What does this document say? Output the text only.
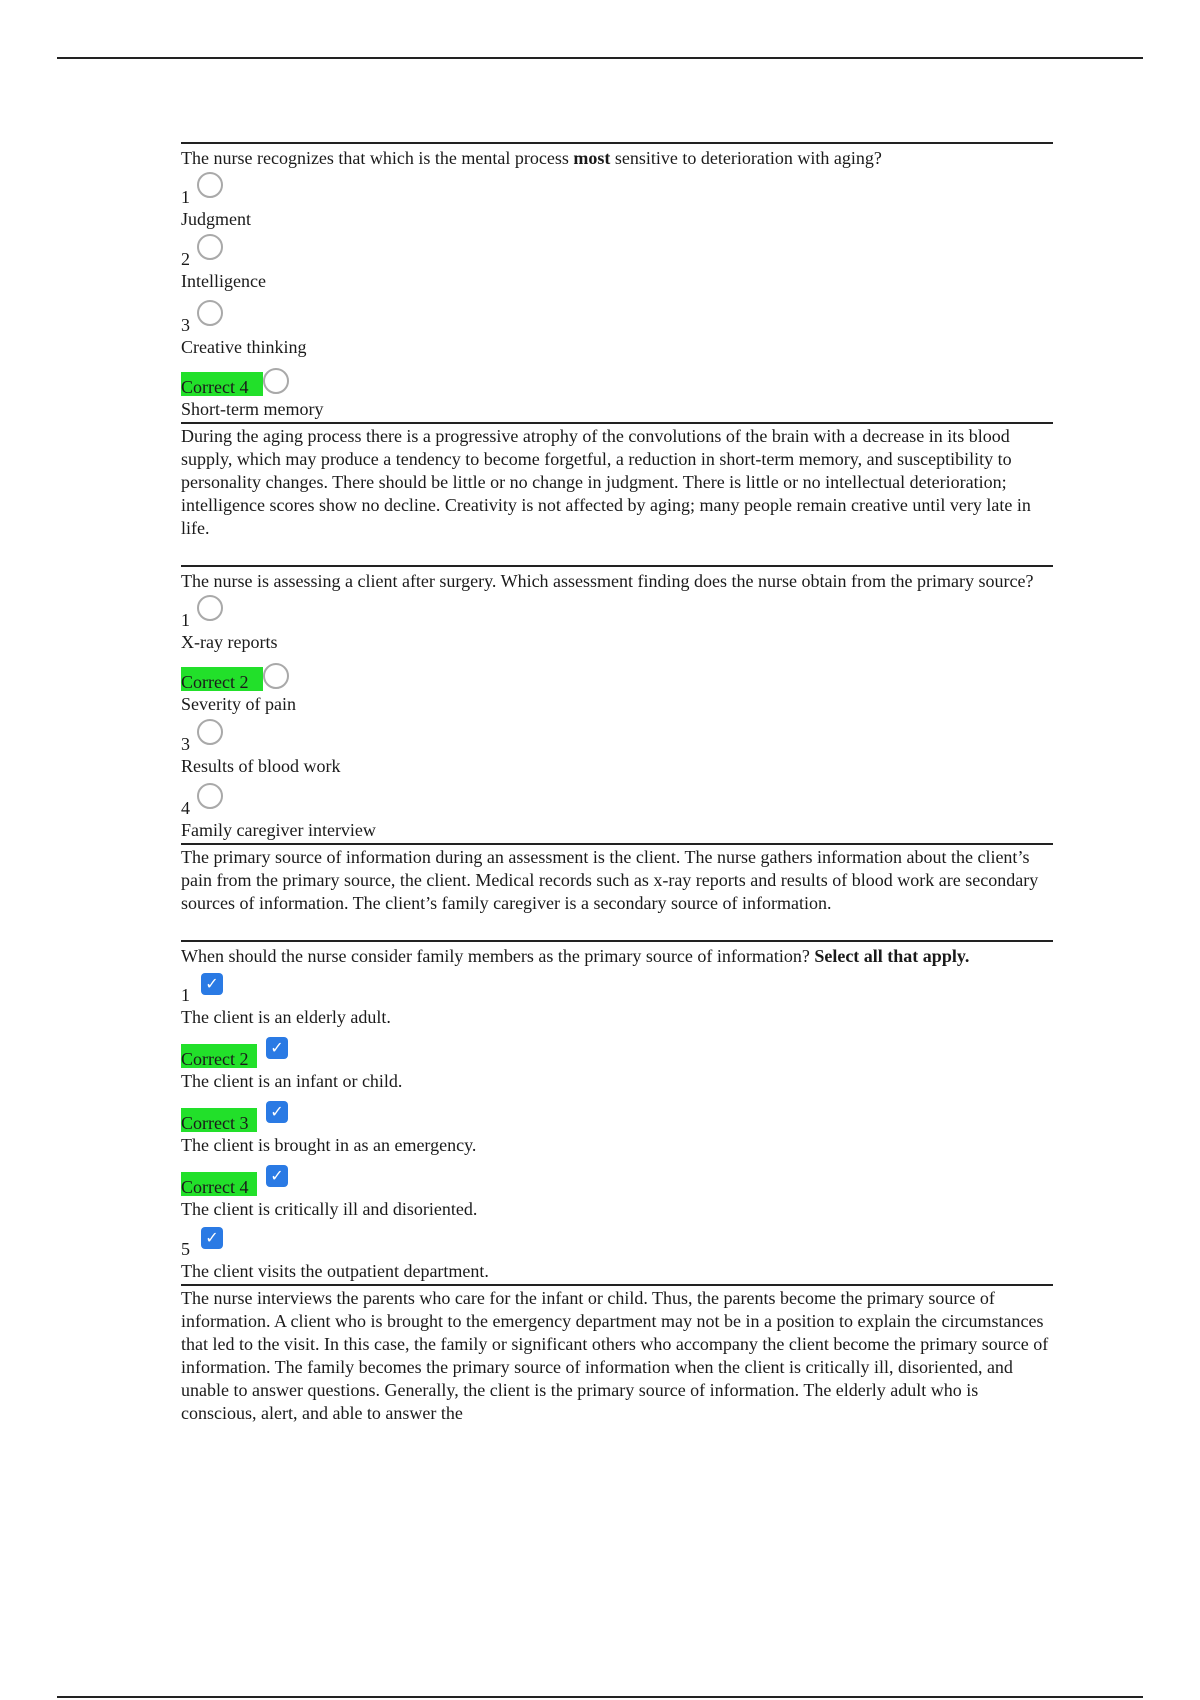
The nurse recognizes that which is the mental process most sensitive to deterioration with aging?
1
Judgment
2
Intelligence
3
Creative thinking
Correct 4
Short-term memory
During the aging process there is a progressive atrophy of the convolutions of the brain with a decrease in its blood supply, which may produce a tendency to become forgetful, a reduction in short-term memory, and susceptibility to personality changes. There should be little or no change in judgment. There is little or no intellectual deterioration; intelligence scores show no decline. Creativity is not affected by aging; many people remain creative until very late in life.
The nurse is assessing a client after surgery. Which assessment finding does the nurse obtain from the primary source?
1
X-ray reports
Correct 2
Severity of pain
3
Results of blood work
4
Family caregiver interview
The primary source of information during an assessment is the client. The nurse gathers information about the client’s pain from the primary source, the client. Medical records such as x-ray reports and results of blood work are secondary sources of information. The client’s family caregiver is a secondary source of information.
When should the nurse consider family members as the primary source of information? Select all that apply.
1
✓
The client is an elderly adult.
Correct 2
✓
The client is an infant or child.
Correct 3
✓
The client is brought in as an emergency.
Correct 4
✓
The client is critically ill and disoriented.
5
✓
The client visits the outpatient department.
The nurse interviews the parents who care for the infant or child. Thus, the parents become the primary source of information. A client who is brought to the emergency department may not be in a position to explain the circumstances that led to the visit. In this case, the family or significant others who accompany the client become the primary source of information. The family becomes the primary source of information when the client is critically ill, disoriented, and unable to answer questions. Generally, the client is the primary source of information. The elderly adult who is conscious, alert, and able to answer the
